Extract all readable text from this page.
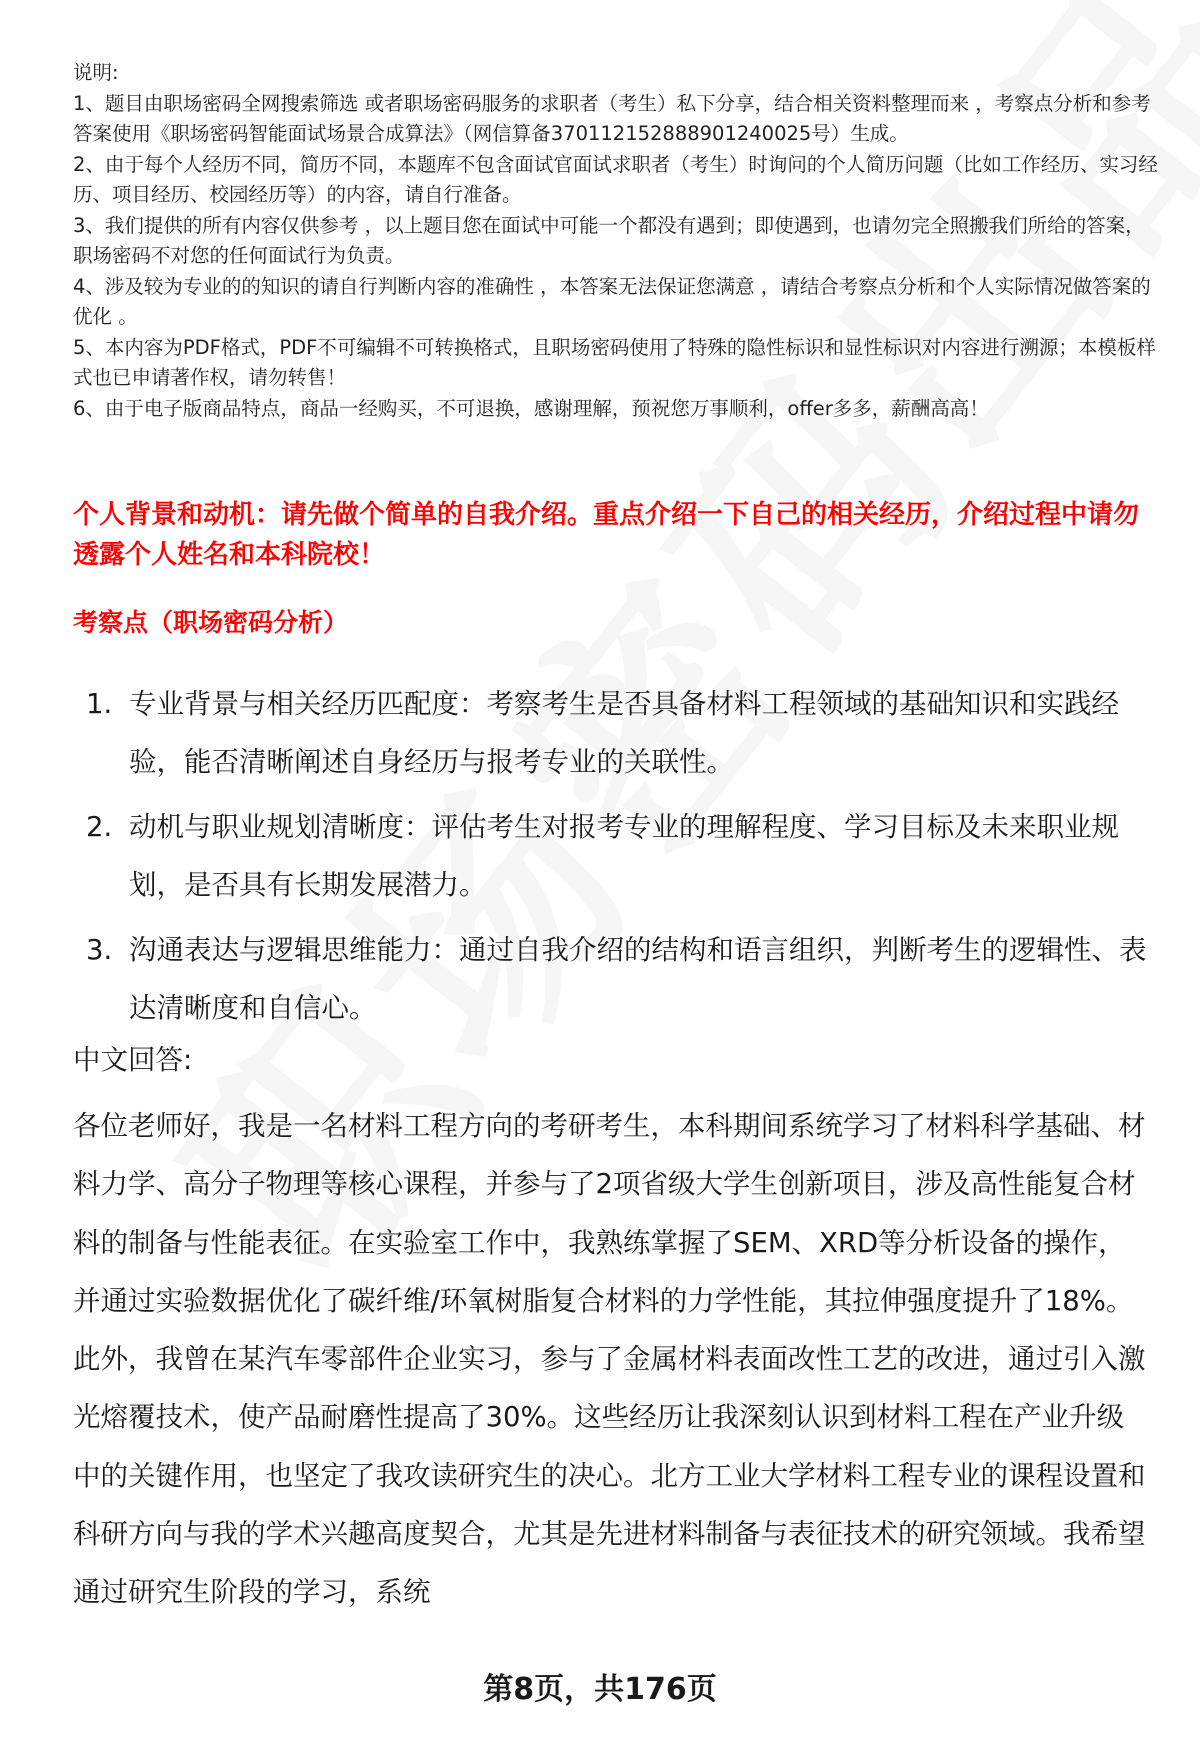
说明:

1、题目由职场密码全网搜索筛选 或者职场密码服务的求职者（考生）私下分享，结合相关资料整理而来 ，考察点分析和参考答案使用《职场密码智能面试场景合成算法》（网信算备370112152888901240025号）生成。

2、由于每个人经历不同，简历不同，本题库不包含面试官面试求职者（考生）时询问的个人简历问题（比如工作经历、实习经历、项目经历、校园经历等）的内容，请自行准备。

3、我们提供的所有内容仅供参考 ，以上题目您在面试中可能一个都没有遇到；即使遇到，也请勿完全照搬我们所给的答案，职场密码不对您的任何面试行为负责。

4、涉及较为专业的的知识的请自行判断内容的准确性 ，本答案无法保证您满意 ，请结合考察点分析和个人实际情况做答案的优化 。

5、本内容为PDF格式，PDF不可编辑不可转换格式，且职场密码使用了特殊的隐性标识和显性标识对内容进行溯源；本模板样式也已申请著作权，请勿转售！

6、由于电子版商品特点，商品一经购买，不可退换，感谢理解，预祝您万事顺利，offer多多，薪酬高高！

个人背景和动机：请先做个简单的自我介绍。重点介绍一下自己的相关经历，介绍过程中请勿透露个人姓名和本科院校！
考察点（职场密码分析）
1. 专业背景与相关经历匹配度：考察考生是否具备材料工程领域的基础知识和实践经验，能否清晰阐述自身经历与报考专业的关联性。
2. 动机与职业规划清晰度：评估考生对报考专业的理解程度、学习目标及未来职业规划，是否具有长期发展潜力。
3. 沟通表达与逻辑思维能力：通过自我介绍的结构和语言组织，判断考生的逻辑性、表达清晰度和自信心。
中文回答:
各位老师好，我是一名材料工程方向的考研考生，本科期间系统学习了材料科学基础、材料力学、高分子物理等核心课程，并参与了2项省级大学生创新项目，涉及高性能复合材料的制备与性能表征。在实验室工作中，我熟练掌握了SEM、XRD等分析设备的操作，并通过实验数据优化了碳纤维/环氧树脂复合材料的力学性能，其拉伸强度提升了18%。此外，我曾在某汽车零部件企业实习，参与了金属材料表面改性工艺的改进，通过引入激光熔覆技术，使产品耐磨性提高了30%。这些经历让我深刻认识到材料工程在产业升级中的关键作用，也坚定了我攻读研究生的决心。北方工业大学材料工程专业的课程设置和科研方向与我的学术兴趣高度契合，尤其是先进材料制备与表征技术的研究领域。我希望通过研究生阶段的学习，系统
第8页，共176页
